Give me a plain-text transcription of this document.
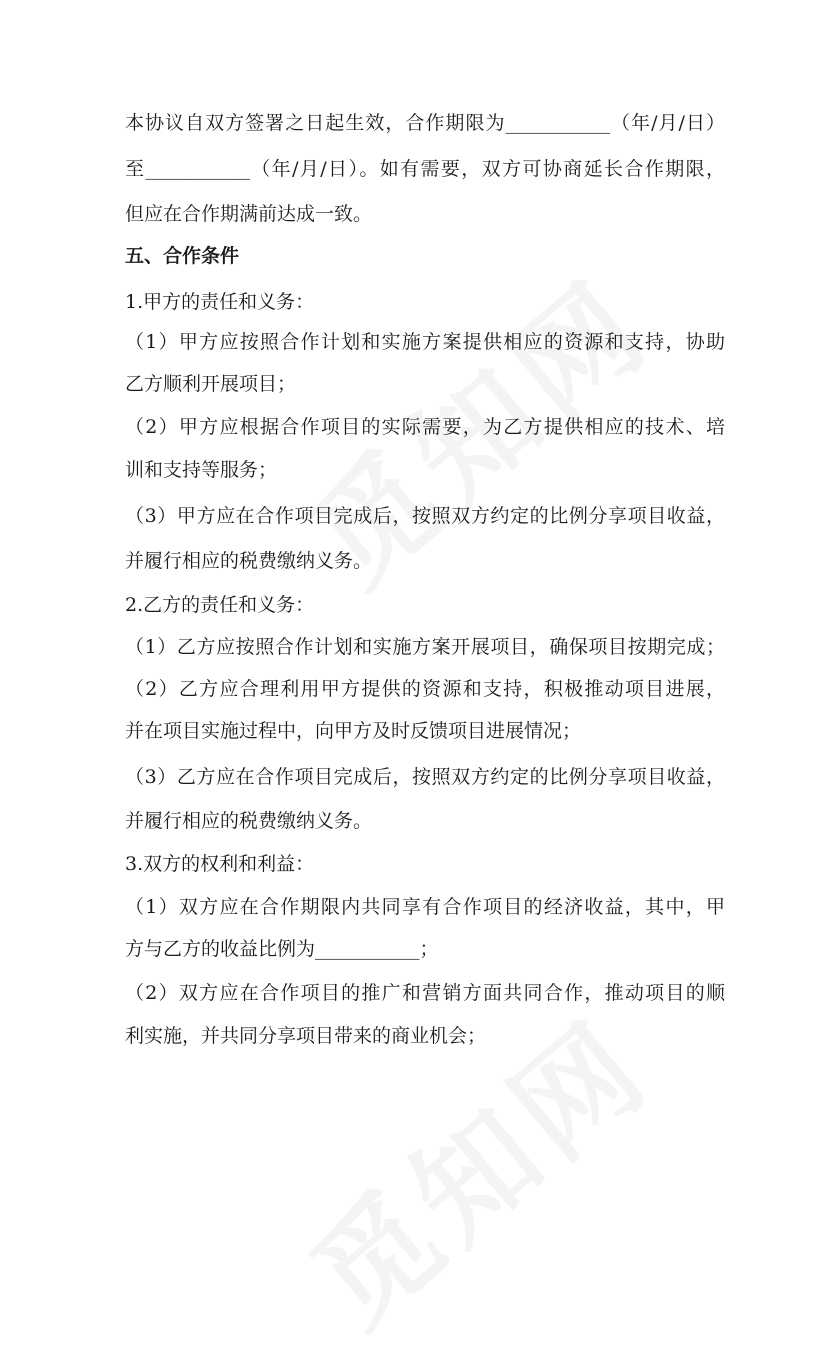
本协议自双方签署之日起生效，合作期限为___________（年/月/日）
至___________（年/月/日）。如有需要，双方可协商延长合作期限，
但应在合作期满前达成一致。
五、合作条件
1.甲方的责任和义务：
（1）甲方应按照合作计划和实施方案提供相应的资源和支持，协助
乙方顺利开展项目；
（2）甲方应根据合作项目的实际需要，为乙方提供相应的技术、培
训和支持等服务；
（3）甲方应在合作项目完成后，按照双方约定的比例分享项目收益，
并履行相应的税费缴纳义务。
2.乙方的责任和义务：
（1）乙方应按照合作计划和实施方案开展项目，确保项目按期完成；
（2）乙方应合理利用甲方提供的资源和支持，积极推动项目进展，
并在项目实施过程中，向甲方及时反馈项目进展情况；
（3）乙方应在合作项目完成后，按照双方约定的比例分享项目收益，
并履行相应的税费缴纳义务。
3.双方的权利和利益：
（1）双方应在合作期限内共同享有合作项目的经济收益，其中，甲
方与乙方的收益比例为___________；
（2）双方应在合作项目的推广和营销方面共同合作，推动项目的顺
利实施，并共同分享项目带来的商业机会；
